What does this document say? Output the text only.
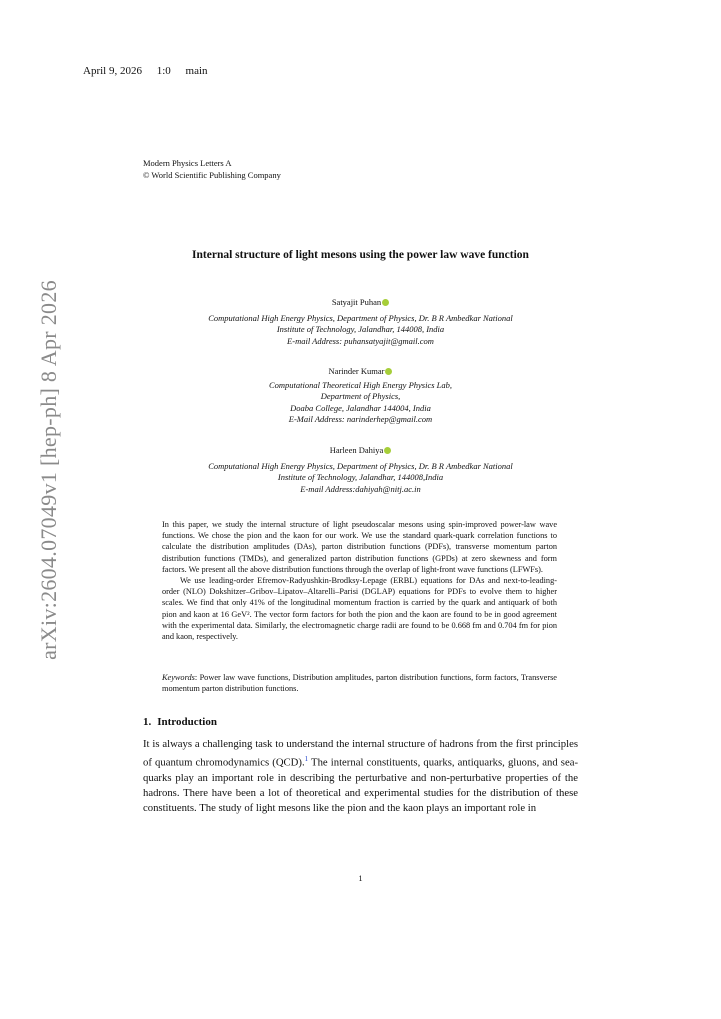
April 9, 2026 1:0 main
arXiv:2604.07049v1 [hep-ph] 8 Apr 2026
Modern Physics Letters A
© World Scientific Publishing Company
Internal structure of light mesons using the power law wave function
Satyajit Puhan
Computational High Energy Physics, Department of Physics, Dr. B R Ambedkar National
Institute of Technology, Jalandhar, 144008, India
E-mail Address: puhansatyajit@gmail.com
Narinder Kumar
Computational Theoretical High Energy Physics Lab,
Department of Physics,
Doaba College, Jalandhar 144004, India
E-Mail Address: narinderhep@gmail.com
Harleen Dahiya
Computational High Energy Physics, Department of Physics, Dr. B R Ambedkar National
Institute of Technology, Jalandhar, 144008,India
E-mail Address:dahiyah@nitj.ac.in

In this paper, we study the internal structure of light pseudoscalar mesons using spin-improved power-law wave functions. We chose the pion and the kaon for our work. We use the standard quark-quark correlation functions to calculate the distribution amplitudes (DAs), parton distribution functions (PDFs), transverse momentum parton distribution functions (TMDs), and generalized parton distribution functions (GPDs) at zero skewness and form factors. We present all the above distribution functions through the overlap of light-front wave functions (LFWFs).

We use leading-order Efremov-Radyushkin-Brodksy-Lepage (ERBL) equations for DAs and next-to-leading-order (NLO) Dokshitzer–Gribov–Lipatov–Altarelli–Parisi (DGLAP) equations for PDFs to evolve them to higher scales. We find that only 41% of the longitudinal momentum fraction is carried by the quark and antiquark of both pion and kaon at 16 GeV². The vector form factors for both the pion and the kaon are found to be in good agreement with the experimental data. Similarly, the electromagnetic charge radii are found to be 0.668 fm and 0.704 fm for pion and kaon, respectively.

Keywords: Power law wave functions, Distribution amplitudes, parton distribution functions, form factors, Transverse momentum parton distribution functions.
1. Introduction
It is always a challenging task to understand the internal structure of hadrons from the first principles of quantum chromodynamics (QCD).$^1$ The internal constituents, quarks, antiquarks, gluons, and sea-quarks play an important role in describing the perturbative and non-perturbative properties of the hadrons. There have been a lot of theoretical and experimental studies for the distribution of these constituents. The study of light mesons like the pion and the kaon plays an important role in
1
